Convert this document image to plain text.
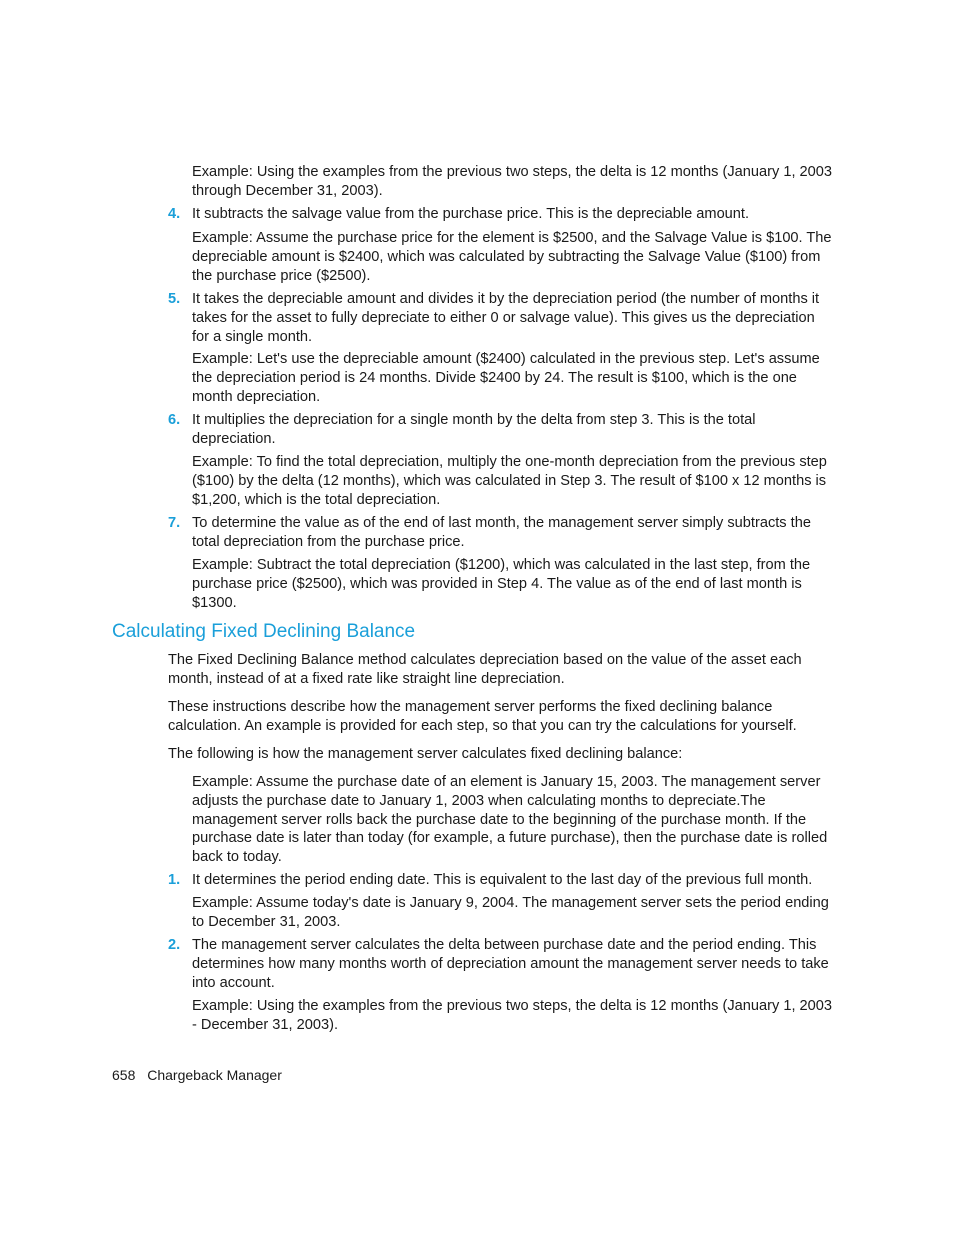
Example: Using the examples from the previous two steps, the delta is 12 months (January 1, 2003 through December 31, 2003).
4. It subtracts the salvage value from the purchase price. This is the depreciable amount.
Example: Assume the purchase price for the element is $2500, and the Salvage Value is $100. The depreciable amount is $2400, which was calculated by subtracting the Salvage Value ($100) from the purchase price ($2500).
5. It takes the depreciable amount and divides it by the depreciation period (the number of months it takes for the asset to fully depreciate to either 0 or salvage value). This gives us the depreciation for a single month.
Example: Let's use the depreciable amount ($2400) calculated in the previous step. Let's assume the depreciation period is 24 months. Divide $2400 by 24. The result is $100, which is the one month depreciation.
6. It multiplies the depreciation for a single month by the delta from step 3. This is the total depreciation.
Example: To find the total depreciation, multiply the one-month depreciation from the previous step ($100) by the delta (12 months), which was calculated in Step 3. The result of $100 x 12 months is $1,200, which is the total depreciation.
7. To determine the value as of the end of last month, the management server simply subtracts the total depreciation from the purchase price.
Example: Subtract the total depreciation ($1200), which was calculated in the last step, from the purchase price ($2500), which was provided in Step 4. The value as of the end of last month is $1300.
Calculating Fixed Declining Balance
The Fixed Declining Balance method calculates depreciation based on the value of the asset each month, instead of at a fixed rate like straight line depreciation.
These instructions describe how the management server performs the fixed declining balance calculation. An example is provided for each step, so that you can try the calculations for yourself.
The following is how the management server calculates fixed declining balance:
Example: Assume the purchase date of an element is January 15, 2003. The management server adjusts the purchase date to January 1, 2003 when calculating months to depreciate.The management server rolls back the purchase date to the beginning of the purchase month. If the purchase date is later than today (for example, a future purchase), then the purchase date is rolled back to today.
1. It determines the period ending date. This is equivalent to the last day of the previous full month.
Example: Assume today's date is January 9, 2004. The management server sets the period ending to December 31, 2003.
2. The management server calculates the delta between purchase date and the period ending. This determines how many months worth of depreciation amount the management server needs to take into account.
Example: Using the examples from the previous two steps, the delta is 12 months (January 1, 2003 - December 31, 2003).
658 Chargeback Manager
